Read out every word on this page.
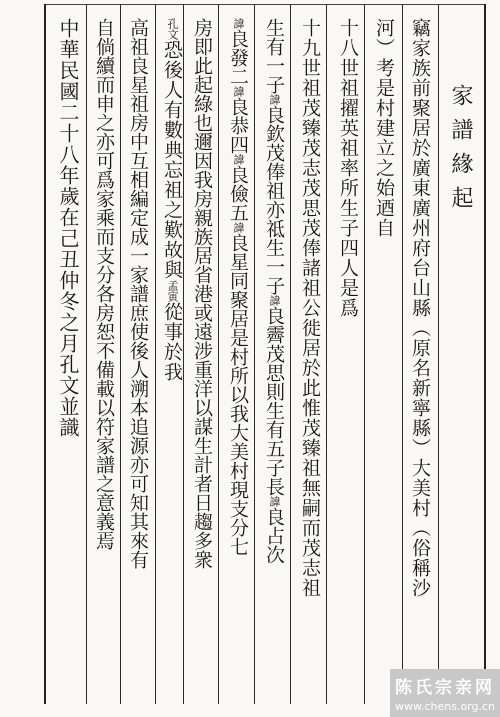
家譜緣起
竊家族前聚居於廣東廣州府台山縣（原名新寧縣）大美村（俗稱沙
河）考是村建立之始迺自
十八世祖擢英祖率所生子四人是爲
十九世祖茂臻茂志茂思茂俸諸祖公徙居於此惟茂臻祖無嗣而茂志祖
生有一子諱良欽茂俸祖亦祗生一子諱良霽茂思則生有五子長諱良占次
諱良發二諱良恭四諱良儉五諱良星同聚居是村所以我大美村現支分七
房即此起綠也邇因我房親族居省港或遠涉重洋以謀生計者日趨多衆
孔文恐後人有數典忘祖之歎故與孟寅從事於我
高祖良星祖房中互相編定成一家譜庶使後人溯本追源亦可知其來有
自倘續而申之亦可爲家乘而支分各房恕不備載以符家譜之意義焉
中華民國二十八年歲在己丑仲冬之月孔文並識
陈氏宗亲网
www.chens.org.cn
